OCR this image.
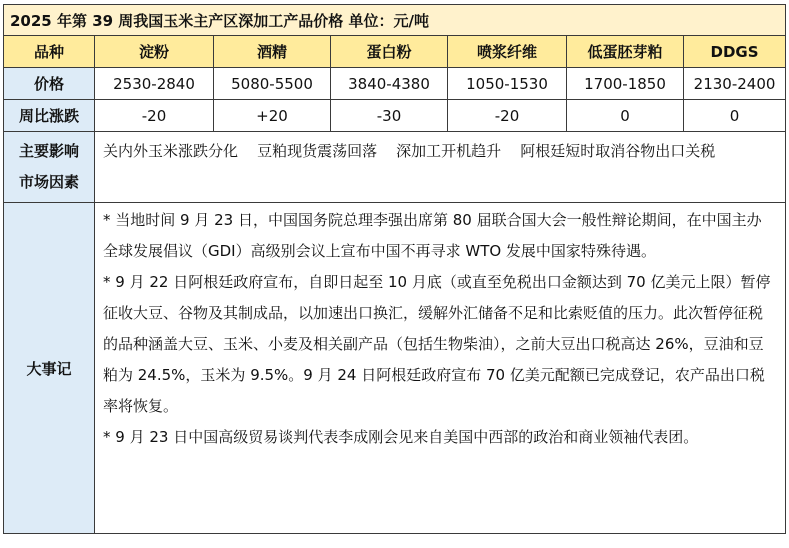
2025 年第 39 周我国玉米主产区深加工产品价格 单位：元/吨						
品种	淀粉	酒精	蛋白粉	喷浆纤维	低蛋胚芽粕	DDGS
价格	2530-2840	5080-5500	3840-4380	1050-1530	1700-1850	2130-2400
周比涨跌	-20	+20	-30	-20	0	0

主要影响
市场因素	关内外玉米涨跌分化    豆粕现货震荡回落    深加工开机趋升    阿根廷短时取消谷物出口关税					
大事记	* 当地时间 9 月 23 日，中国国务院总理李强出席第 80 届联合国大会一般性辩论期间，在中国主办全球发展倡议（GDI）高级别会议上宣布中国不再寻求 WTO 发展中国家特殊待遇。

* 9 月 22 日阿根廷政府宣布，自即日起至 10 月底（或直至免税出口金额达到 70 亿美元上限）暂停征收大豆、谷物及其制成品，以加速出口换汇，缓解外汇储备不足和比索贬值的压力。此次暂停征税的品种涵盖大豆、玉米、小麦及相关副产品（包括生物柴油），之前大豆出口税高达 26%，豆油和豆粕为 24.5%，玉米为 9.5%。9 月 24 日阿根廷政府宣布 70 亿美元配额已完成登记，农产品出口税率将恢复。

* 9 月 23 日中国高级贸易谈判代表李成刚会见来自美国中西部的政治和商业领袖代表团。					
